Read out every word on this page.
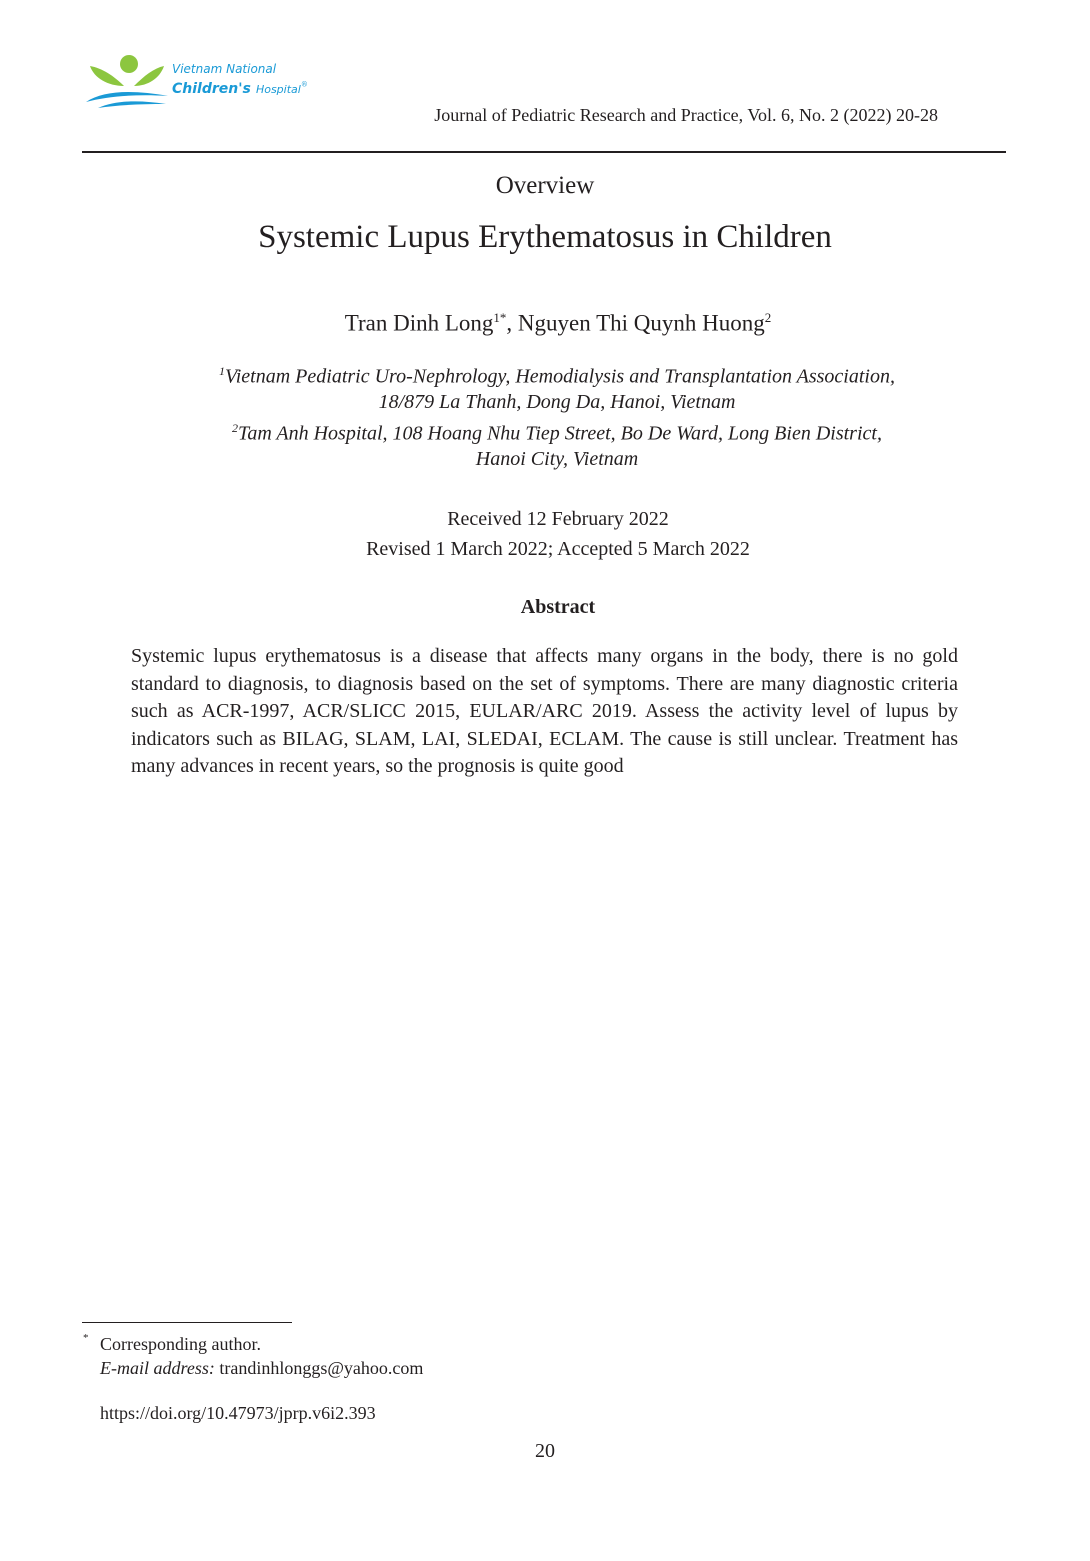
Vietnam National
Children's Hospital®
Journal of Pediatric Research and Practice, Vol. 6, No. 2 (2022) 20-28
Overview
Systemic Lupus Erythematosus in Children
Tran Dinh Long$^{1*}$, Nguyen Thi Quynh Huong$^2$
$^1$Vietnam Pediatric Uro-Nephrology, Hemodialysis and Transplantation Association,
18/879 La Thanh, Dong Da, Hanoi, Vietnam
$^2$Tam Anh Hospital, 108 Hoang Nhu Tiep Street, Bo De Ward, Long Bien District,
Hanoi City, Vietnam
Received 12 February 2022
Revised 1 March 2022; Accepted 5 March 2022
Abstract
Systemic lupus erythematosus is a disease that affects many organs in the body, there is no gold standard to diagnosis, to diagnosis based on the set of symptoms. There are many diagnostic criteria such as ACR-1997, ACR/SLICC 2015, EULAR/ARC 2019. Assess the activity level of lupus by indicators such as BILAG, SLAM, LAI, SLEDAI, ECLAM. The cause is still unclear. Treatment has many advances in recent years, so the prognosis is quite good
* Corresponding author.
E-mail address: trandinhlonggs@yahoo.com
https://doi.org/10.47973/jprp.v6i2.393
20
